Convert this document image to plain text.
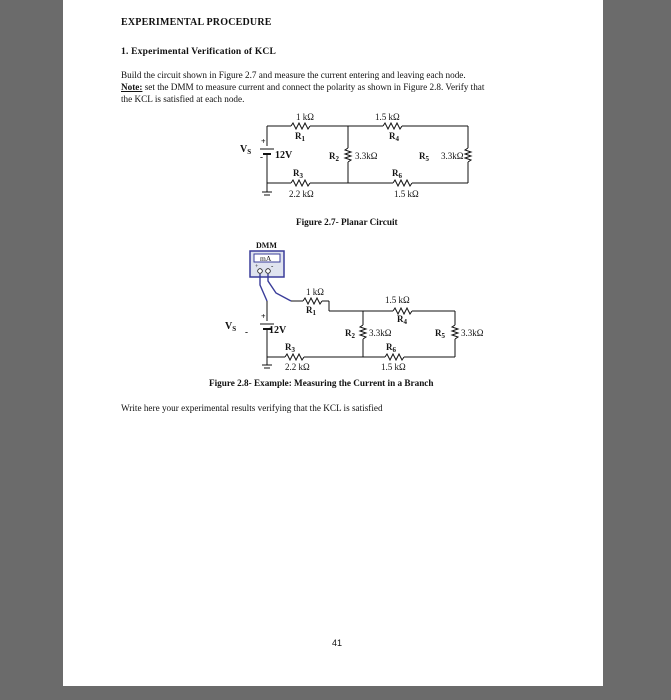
EXPERIMENTAL PROCEDURE
1. Experimental Verification of KCL
Build the circuit shown in Figure 2.7 and measure the current entering and leaving each node.
Note: set the DMM to measure current and connect the polarity as shown in Figure 2.8. Verify that
the KCL is satisfied at each node.
1 kΩ
$R_1$
1.5 kΩ
$R_4$
$V_S$
+
- 12V	$R_2$ 3.3kΩ	$R_5$ 3.3kΩ
$R_3$
2.2 kΩ
$R_6$
1.5 kΩ
Figure 2.7- Planar Circuit
DMM
mA
+ -
1 kΩ
$R_1$
1.5 kΩ
$R_4$
$V_S$
+
- 12V	$R_2$ 3.3kΩ	$R_5$ 3.3kΩ
$R_3$
2.2 kΩ
$R_6$
1.5 kΩ
Figure 2.8- Example: Measuring the Current in a Branch
Write here your experimental results verifying that the KCL is satisfied
41
